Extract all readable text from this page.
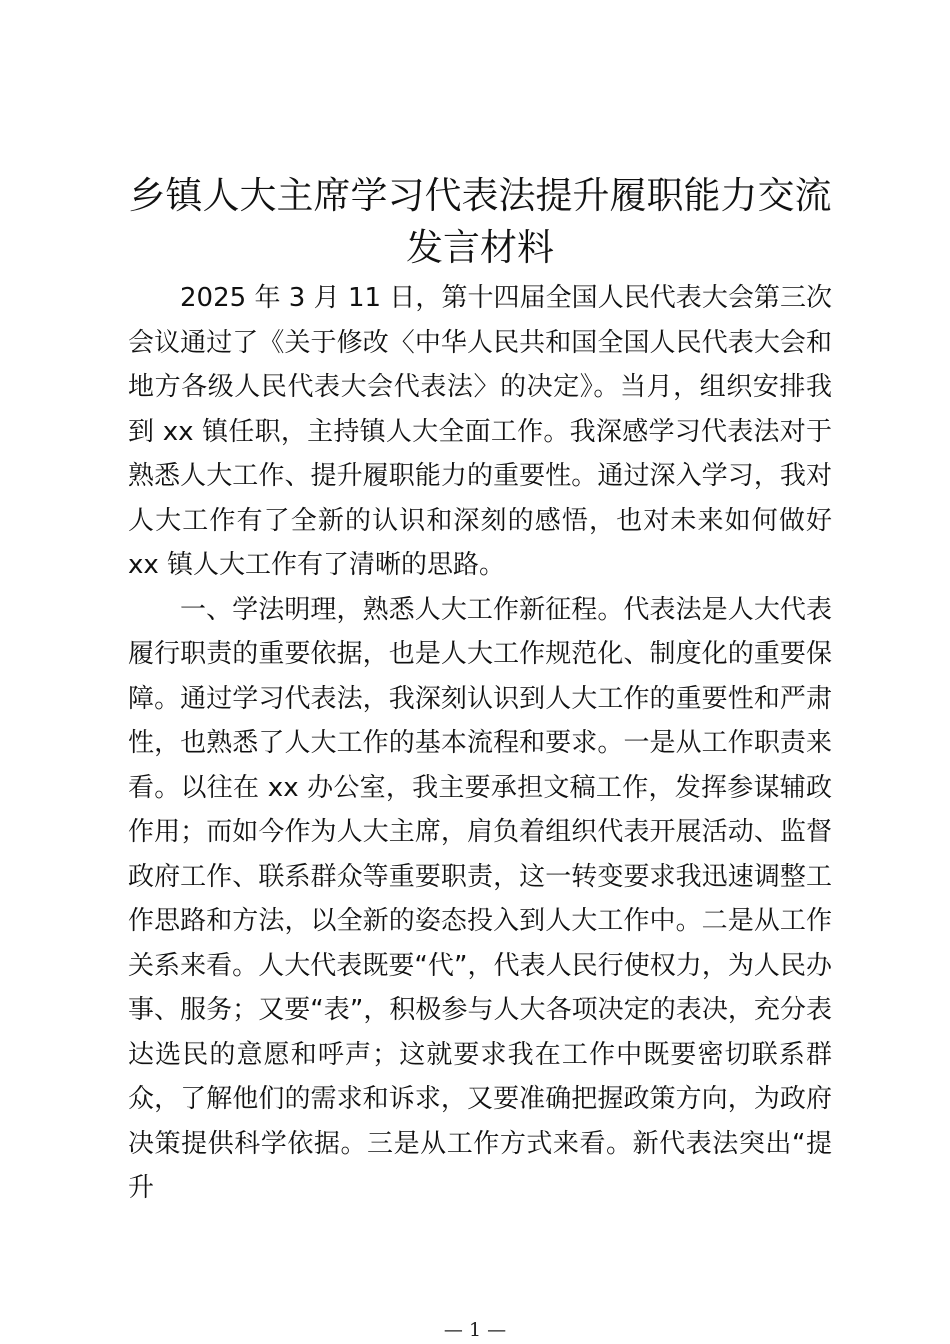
乡镇人大主席学习代表法提升履职能力交流发言材料

2025 年 3 月 11 日，第十四届全国人民代表大会第三次会议通过了《关于修改〈中华人民共和国全国人民代表大会和地方各级人民代表大会代表法〉的决定》。当月，组织安排我到 xx 镇任职，主持镇人大全面工作。我深感学习代表法对于熟悉人大工作、提升履职能力的重要性。通过深入学习，我对人大工作有了全新的认识和深刻的感悟，也对未来如何做好 xx 镇人大工作有了清晰的思路。

一、学法明理，熟悉人大工作新征程。代表法是人大代表履行职责的重要依据，也是人大工作规范化、制度化的重要保障。通过学习代表法，我深刻认识到人大工作的重要性和严肃性，也熟悉了人大工作的基本流程和要求。一是从工作职责来看。以往在 xx 办公室，我主要承担文稿工作，发挥参谋辅政作用；而如今作为人大主席，肩负着组织代表开展活动、监督政府工作、联系群众等重要职责，这一转变要求我迅速调整工作思路和方法，以全新的姿态投入到人大工作中。二是从工作关系来看。人大代表既要“代”，代表人民行使权力，为人民办事、服务；又要“表”，积极参与人大各项决定的表决，充分表达选民的意愿和呼声；这就要求我在工作中既要密切联系群众，了解他们的需求和诉求，又要准确把握政策方向，为政府决策提供科学依据。三是从工作方式来看。新代表法突出“提升

— 1 —
